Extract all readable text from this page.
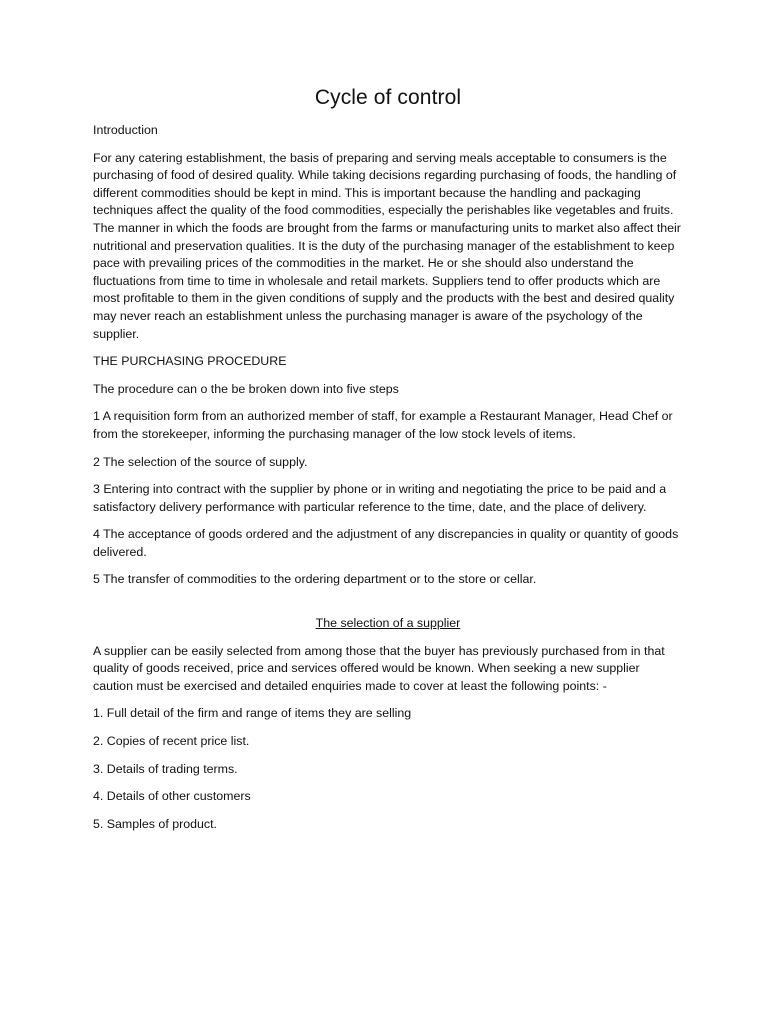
Cycle of control

Introduction

For any catering establishment, the basis of preparing and serving meals acceptable to consumers is the purchasing of food of desired quality. While taking decisions regarding purchasing of foods, the handling of different commodities should be kept in mind. This is important because the handling and packaging techniques affect the quality of the food commodities, especially the perishables like vegetables and fruits. The manner in which the foods are brought from the farms or manufacturing units to market also affect their nutritional and preservation qualities. It is the duty of the purchasing manager of the establishment to keep pace with prevailing prices of the commodities in the market. He or she should also understand the fluctuations from time to time in wholesale and retail markets. Suppliers tend to offer products which are most profitable to them in the given conditions of supply and the products with the best and desired quality may never reach an establishment unless the purchasing manager is aware of the psychology of the supplier.

THE PURCHASING PROCEDURE

The procedure can o the be broken down into five steps

1 A requisition form from an authorized member of staff, for example a Restaurant Manager, Head Chef or from the storekeeper, informing the purchasing manager of the low stock levels of items.

2 The selection of the source of supply.

3 Entering into contract with the supplier by phone or in writing and negotiating the price to be paid and a satisfactory delivery performance with particular reference to the time, date, and the place of delivery.

4 The acceptance of goods ordered and the adjustment of any discrepancies in quality or quantity of goods delivered.

5 The transfer of commodities to the ordering department or to the store or cellar.

The selection of a supplier

A supplier can be easily selected from among those that the buyer has previously purchased from in that quality of goods received, price and services offered would be known. When seeking a new supplier caution must be exercised and detailed enquiries made to cover at least the following points: -

1. Full detail of the firm and range of items they are selling

2. Copies of recent price list.

3. Details of trading terms.

4. Details of other customers

5. Samples of product.
